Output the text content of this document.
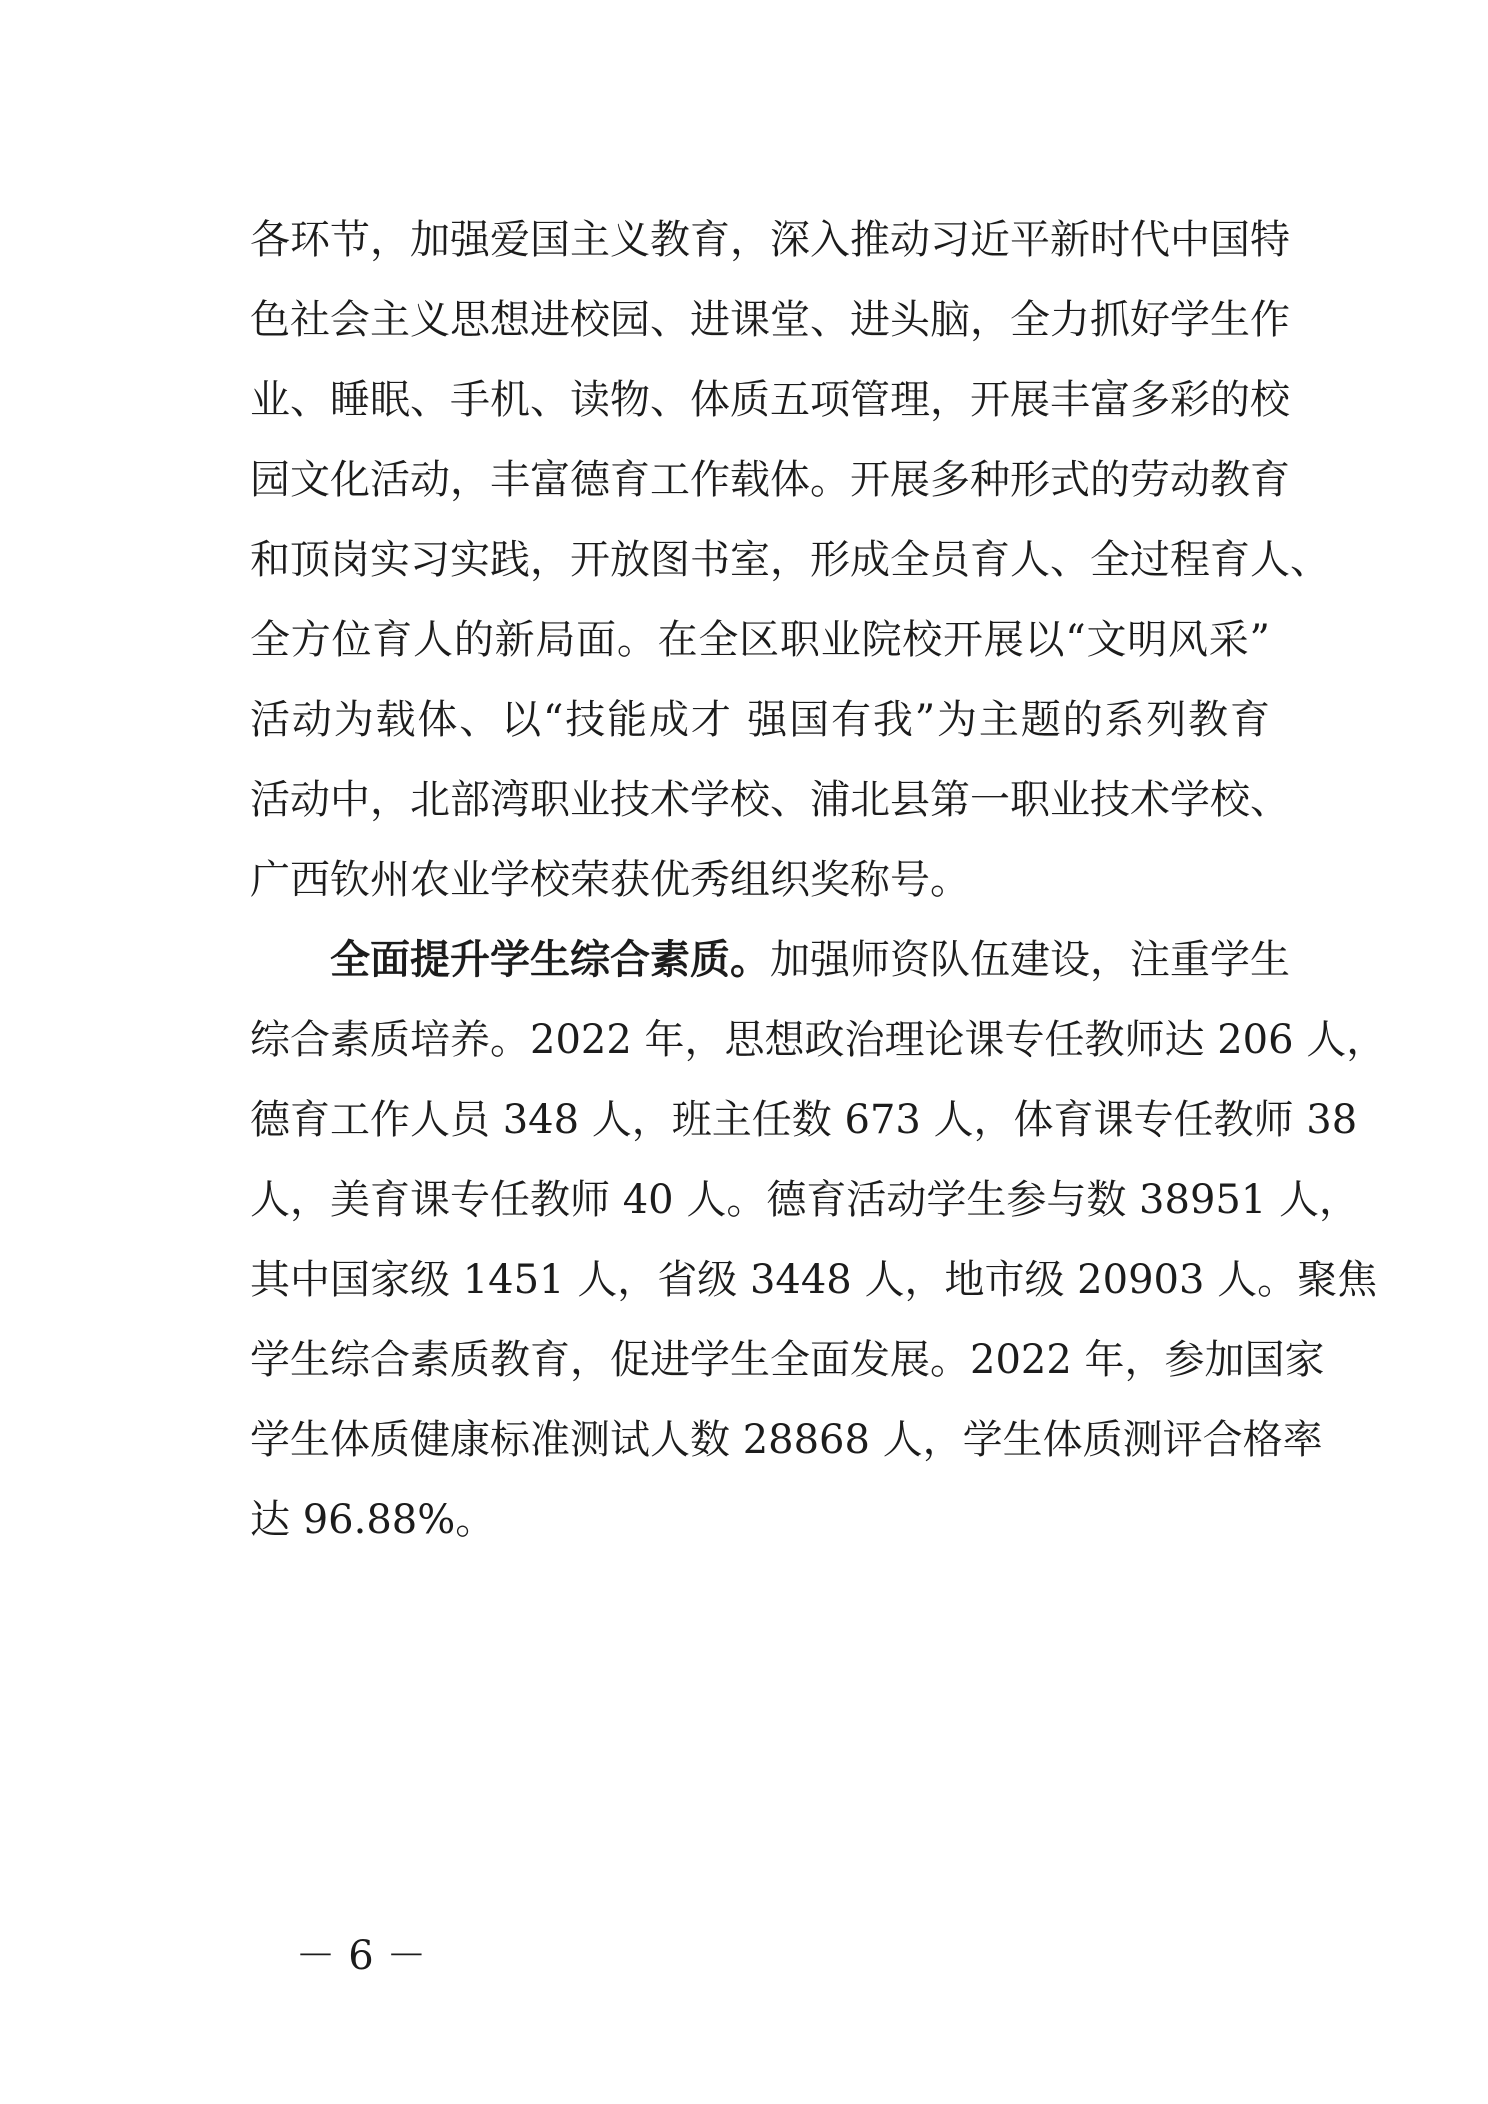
各环节，加强爱国主义教育，深入推动习近平新时代中国特
色社会主义思想进校园、进课堂、进头脑，全力抓好学生作
业、睡眠、手机、读物、体质五项管理，开展丰富多彩的校
园文化活动，丰富德育工作载体。开展多种形式的劳动教育
和顶岗实习实践，开放图书室，形成全员育人、全过程育人、
全方位育人的新局面。在全区职业院校开展以“文明风采”
活动为载体、以“技能成才 强国有我”为主题的系列教育
活动中，北部湾职业技术学校、浦北县第一职业技术学校、
广西钦州农业学校荣获优秀组织奖称号。
全面提升学生综合素质。加强师资队伍建设，注重学生
综合素质培养。2022 年，思想政治理论课专任教师达 206 人，
德育工作人员 348 人，班主任数 673 人，体育课专任教师 38
人，美育课专任教师 40 人。德育活动学生参与数 38951 人，
其中国家级 1451 人，省级 3448 人，地市级 20903 人。聚焦
学生综合素质教育，促进学生全面发展。2022 年，参加国家
学生体质健康标准测试人数 28868 人，学生体质测评合格率
达 96.88%。
－ 6 －
